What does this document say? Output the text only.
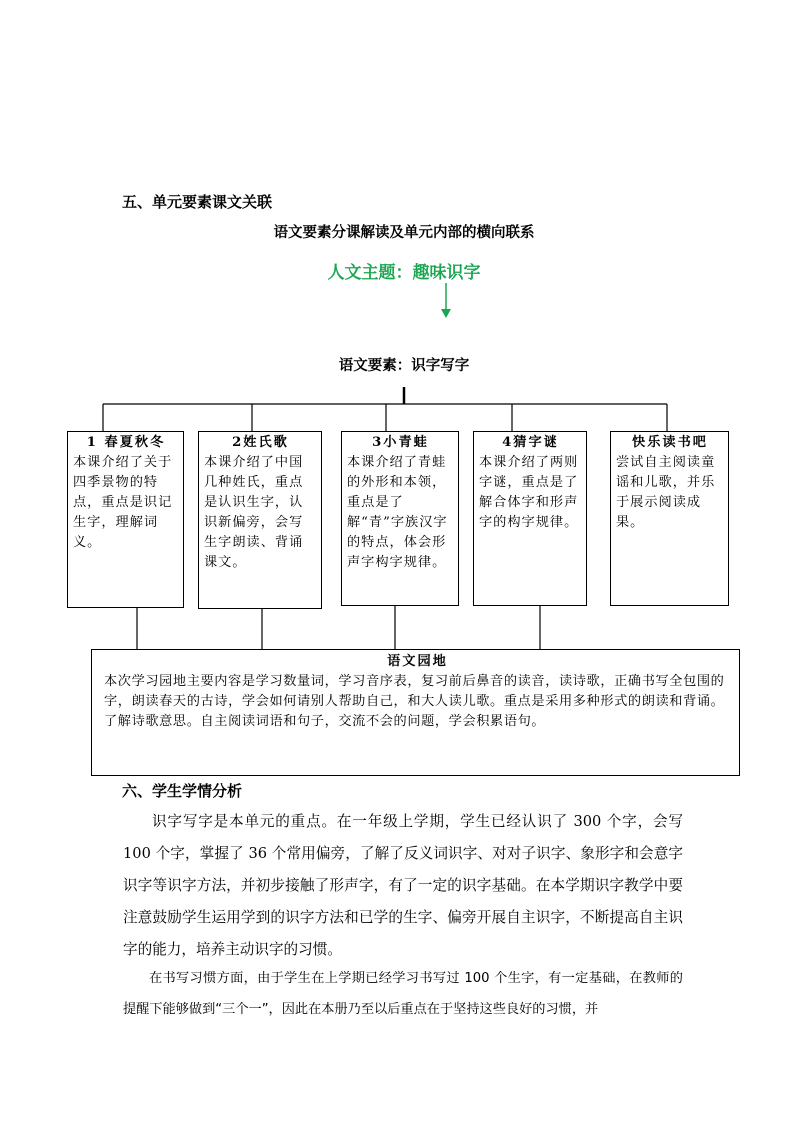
五、单元要素课文关联
语文要素分课解读及单元内部的横向联系
人文主题：趣味识字
语文要素：识字写字
1 春夏秋冬
本课介绍了关于四季景物的特点，重点是识记生字，理解词义。
2姓氏歌
本课介绍了中国几种姓氏，重点是认识生字，认识新偏旁，会写生字朗读、背诵课文。
3小青蛙
本课介绍了青蛙的外形和本领，重点是了解“青”字族汉字的特点，体会形声字构字规律。
4猜字谜
本课介绍了两则字谜，重点是了解合体字和形声字的构字规律。
快乐读书吧
尝试自主阅读童谣和儿歌，并乐于展示阅读成果。
语文园地
本次学习园地主要内容是学习数量词，学习音序表，复习前后鼻音的读音，读诗歌，正确书写全包围的字，朗读春天的古诗，学会如何请别人帮助自己，和大人读儿歌。重点是采用多种形式的朗读和背诵。了解诗歌意思。自主阅读词语和句子，交流不会的问题，学会积累语句。
六、学生学情分析
识字写字是本单元的重点。在一年级上学期，学生已经认识了 300 个字，会写 100 个字，掌握了 36 个常用偏旁，了解了反义词识字、对对子识字、象形字和会意字识字等识字方法，并初步接触了形声字，有了一定的识字基础。在本学期识字教学中要注意鼓励学生运用学到的识字方法和已学的生字、偏旁开展自主识字，不断提高自主识字的能力，培养主动识字的习惯。
在书写习惯方面，由于学生在上学期已经学习书写过 100 个生字，有一定基础，在教师的提醒下能够做到“三个一”，因此在本册乃至以后重点在于坚持这些良好的习惯，并
